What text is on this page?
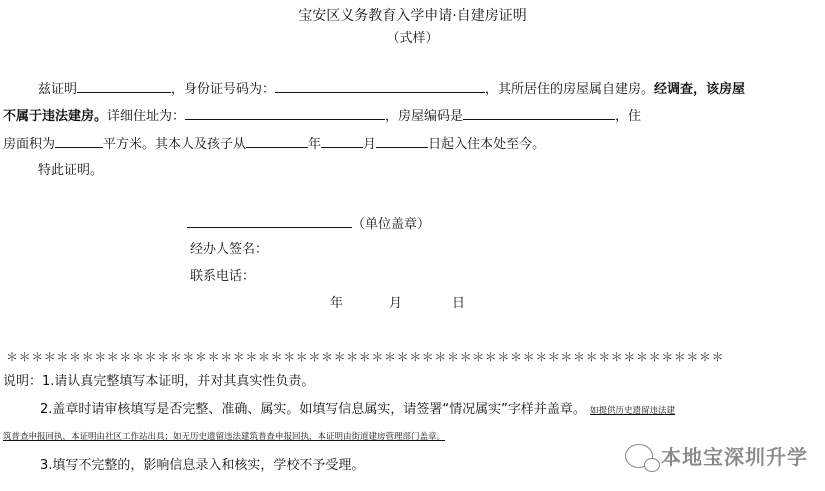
宝安区义务教育入学申请·自建房证明
（式样）
兹证明	，身份证号码为：	，其所居住的房屋属自建房。经调查，该房屋
不属于违法建房。详细住址为：	，房屋编码是	，住
房面积为	平方米。其本人及孩子从	年	月	日起入住本处至今。
特此证明。
（单位盖章）
经办人签名：
联系电话：
年	月	日
＊＊＊＊＊＊＊＊＊＊＊＊＊＊＊＊＊＊＊＊＊＊＊＊＊＊＊＊＊＊＊＊＊＊＊＊＊＊＊＊＊＊＊＊＊＊＊＊＊＊＊＊＊＊＊＊＊
说明：1.请认真完整填写本证明，并对其真实性负责。
2.盖章时请审核填写是否完整、准确、属实。如填写信息属实，请签署“情况属实”字样并盖章。 如提供历史遗留违法建
筑普查申报回执，本证明由社区工作站出具；如无历史遗留违法建筑普查申报回执，本证明由街道建房管理部门盖章。
3.填写不完整的，影响信息录入和核实，学校不予受理。	本地宝深圳升学
